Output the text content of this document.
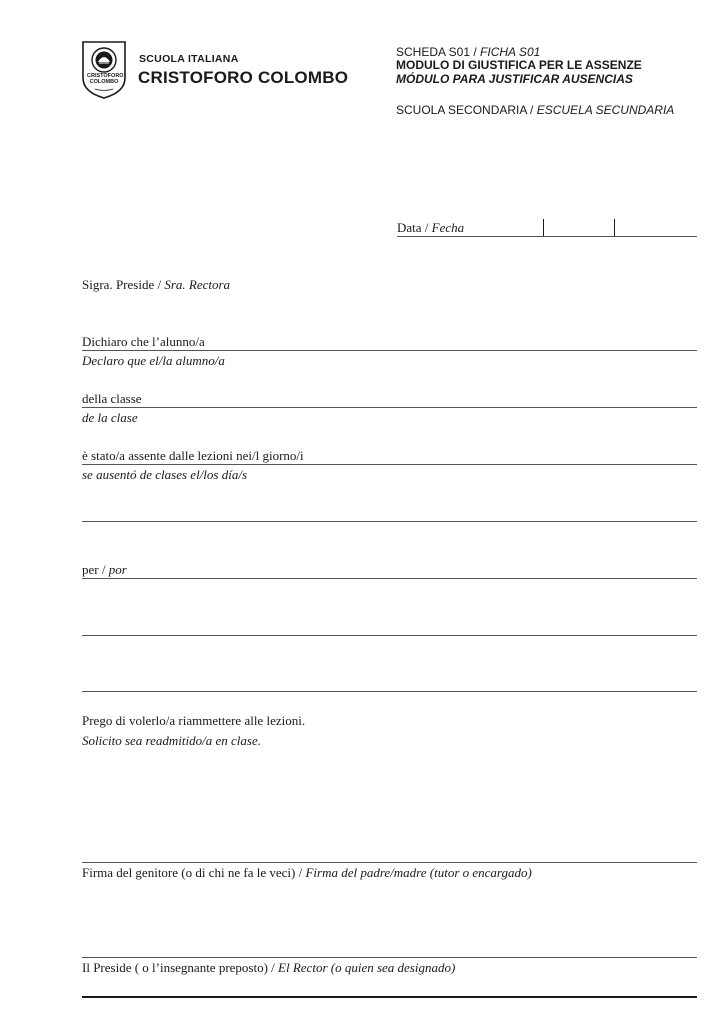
CRISTOFORO COLOMBO
SCUOLA ITALIANA
CRISTOFORO COLOMBO
SCHEDA S01 / FICHA S01
MODULO DI GIUSTIFICA PER LE ASSENZE
MÓDULO PARA JUSTIFICAR AUSENCIAS
SCUOLA SECONDARIA / ESCUELA SECUNDARIA
Data / Fecha
Sigra. Preside / Sra. Rectora
Dichiaro che l’alunno/a
Declaro que el/la alumno/a
della classe
de la clase
è stato/a assente dalle lezioni nei/l giorno/i
se ausentó de clases el/los día/s
per / por
Prego di volerlo/a riammettere alle lezioni.
Solicito sea readmitido/a en clase.
Firma del genitore (o di chi ne fa le veci) / Firma del padre/madre (tutor o encargado)
Il Preside ( o l’insegnante preposto) / El Rector (o quien sea designado)
